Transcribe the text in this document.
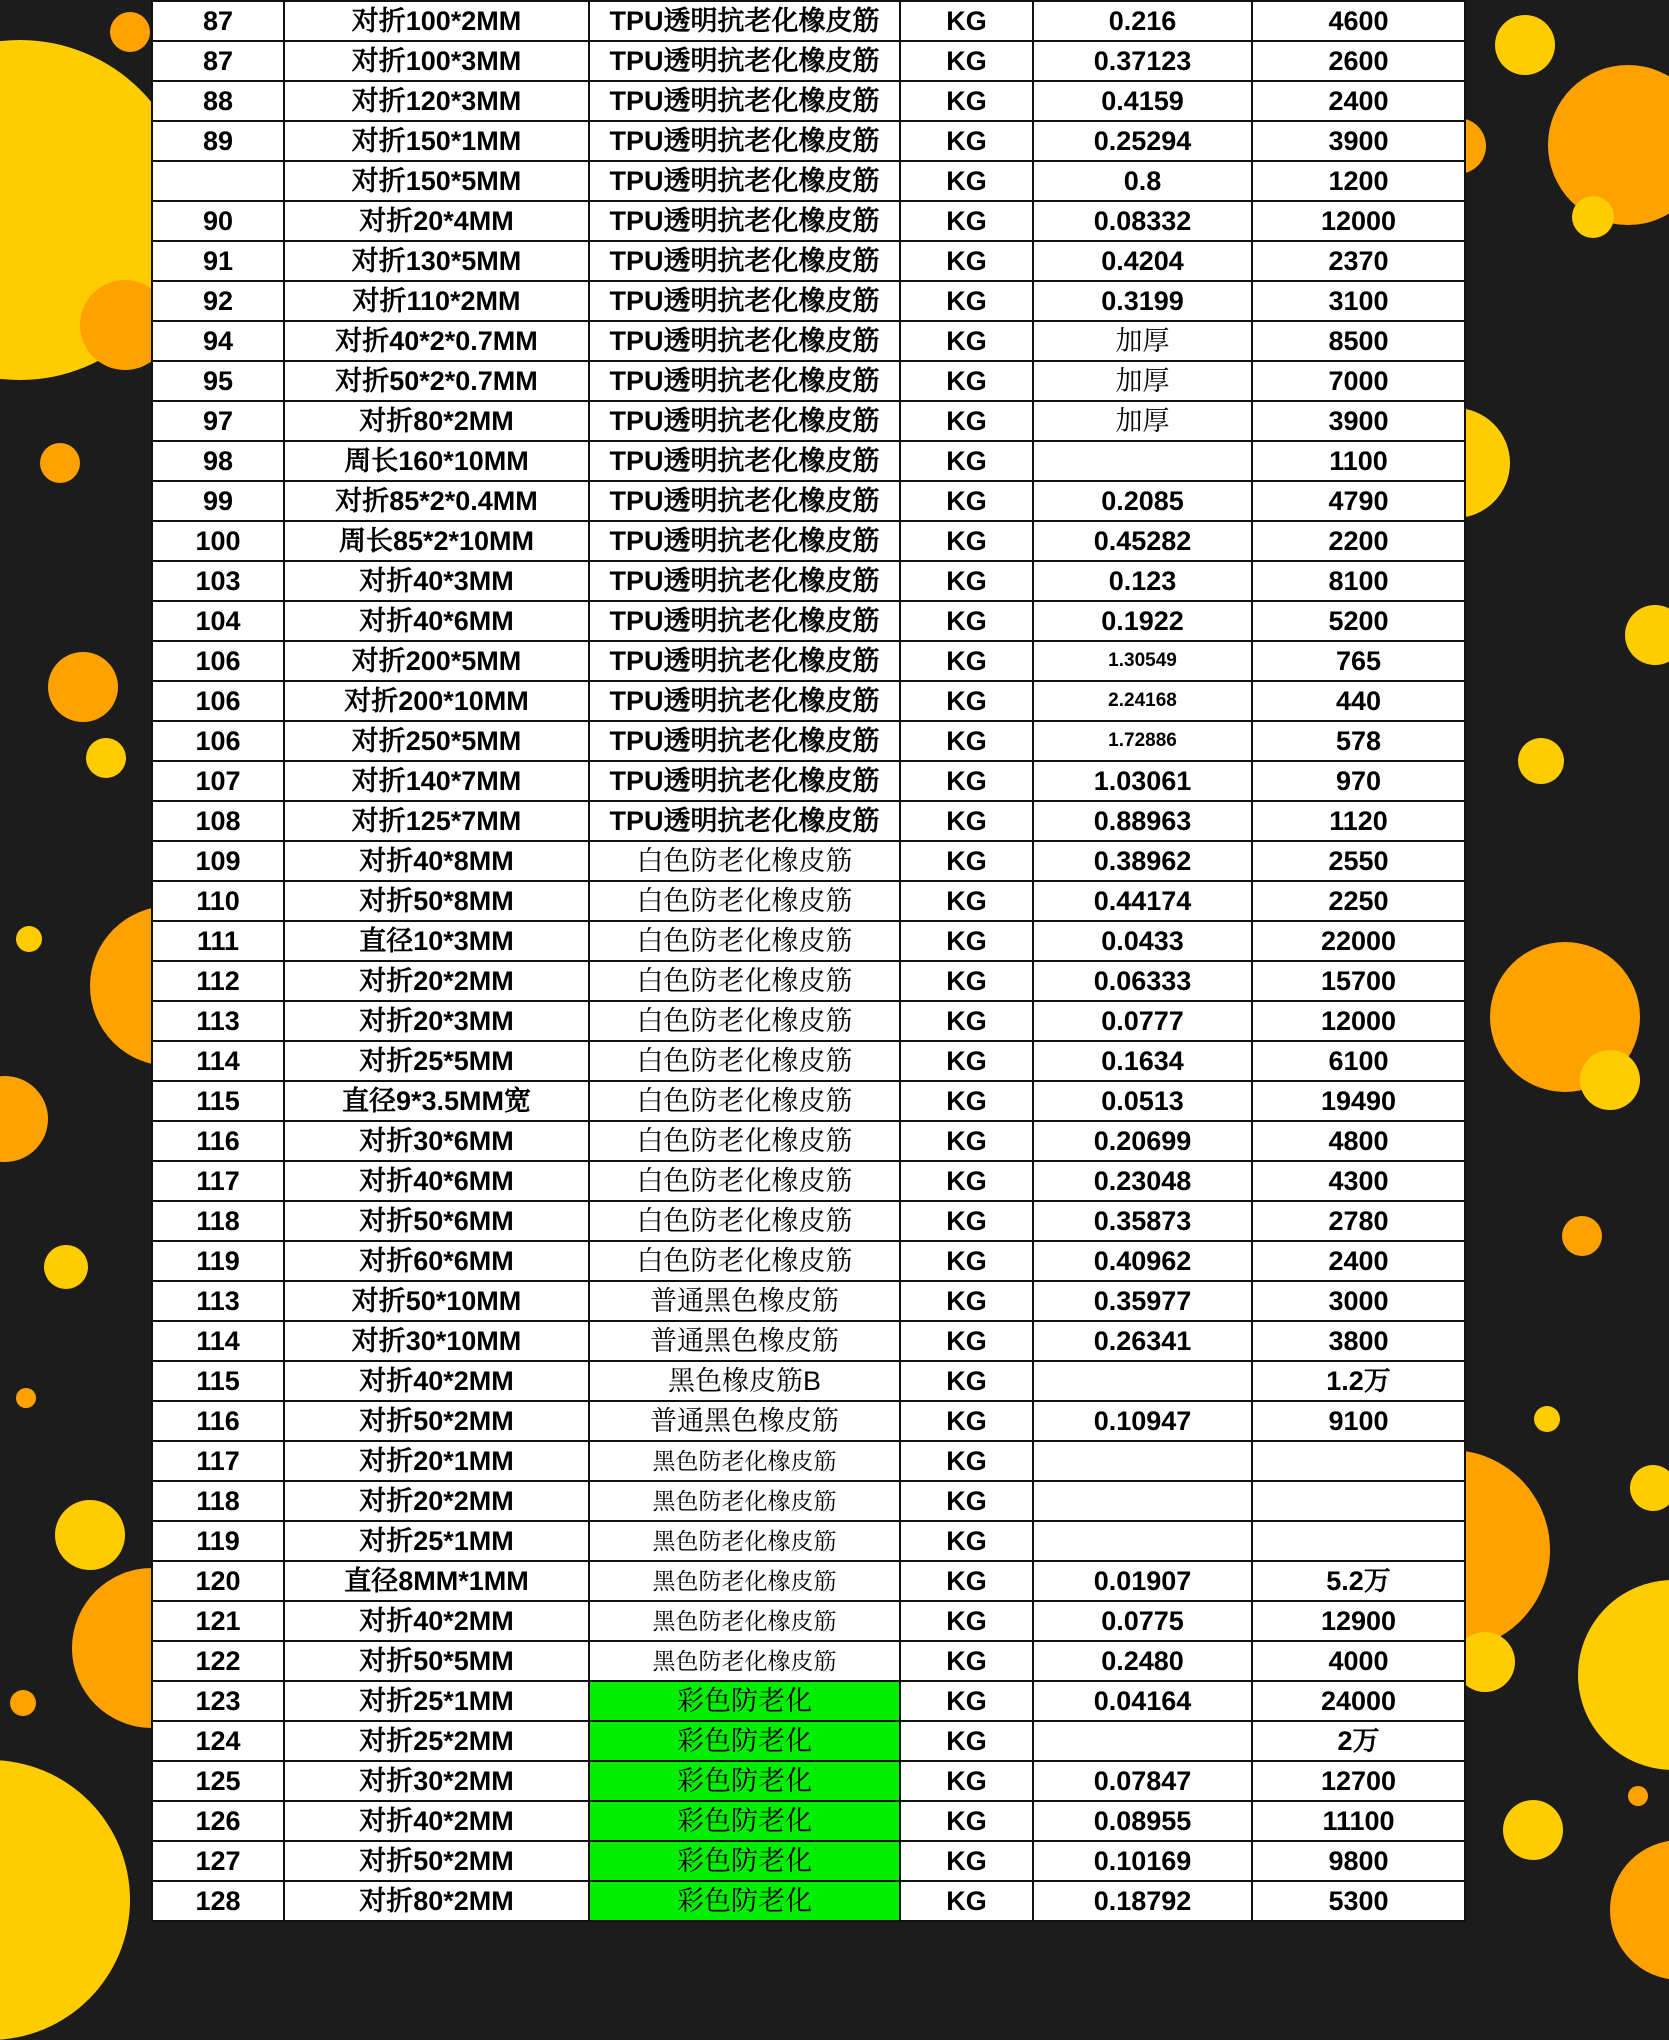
87	对折100*2MM	TPU透明抗老化橡皮筋	KG	0.216	4600
87	对折100*3MM	TPU透明抗老化橡皮筋	KG	0.37123	2600
88	对折120*3MM	TPU透明抗老化橡皮筋	KG	0.4159	2400
89	对折150*1MM	TPU透明抗老化橡皮筋	KG	0.25294	3900
	对折150*5MM	TPU透明抗老化橡皮筋	KG	0.8	1200
90	对折20*4MM	TPU透明抗老化橡皮筋	KG	0.08332	12000
91	对折130*5MM	TPU透明抗老化橡皮筋	KG	0.4204	2370
92	对折110*2MM	TPU透明抗老化橡皮筋	KG	0.3199	3100
94	对折40*2*0.7MM	TPU透明抗老化橡皮筋	KG	加厚	8500
95	对折50*2*0.7MM	TPU透明抗老化橡皮筋	KG	加厚	7000
97	对折80*2MM	TPU透明抗老化橡皮筋	KG	加厚	3900
98	周长160*10MM	TPU透明抗老化橡皮筋	KG		1100
99	对折85*2*0.4MM	TPU透明抗老化橡皮筋	KG	0.2085	4790
100	周长85*2*10MM	TPU透明抗老化橡皮筋	KG	0.45282	2200
103	对折40*3MM	TPU透明抗老化橡皮筋	KG	0.123	8100
104	对折40*6MM	TPU透明抗老化橡皮筋	KG	0.1922	5200
106	对折200*5MM	TPU透明抗老化橡皮筋	KG	1.30549	765
106	对折200*10MM	TPU透明抗老化橡皮筋	KG	2.24168	440
106	对折250*5MM	TPU透明抗老化橡皮筋	KG	1.72886	578
107	对折140*7MM	TPU透明抗老化橡皮筋	KG	1.03061	970
108	对折125*7MM	TPU透明抗老化橡皮筋	KG	0.88963	1120
109	对折40*8MM	白色防老化橡皮筋	KG	0.38962	2550
110	对折50*8MM	白色防老化橡皮筋	KG	0.44174	2250
111	直径10*3MM	白色防老化橡皮筋	KG	0.0433	22000
112	对折20*2MM	白色防老化橡皮筋	KG	0.06333	15700
113	对折20*3MM	白色防老化橡皮筋	KG	0.0777	12000
114	对折25*5MM	白色防老化橡皮筋	KG	0.1634	6100
115	直径9*3.5MM宽	白色防老化橡皮筋	KG	0.0513	19490
116	对折30*6MM	白色防老化橡皮筋	KG	0.20699	4800
117	对折40*6MM	白色防老化橡皮筋	KG	0.23048	4300
118	对折50*6MM	白色防老化橡皮筋	KG	0.35873	2780
119	对折60*6MM	白色防老化橡皮筋	KG	0.40962	2400
113	对折50*10MM	普通黑色橡皮筋	KG	0.35977	3000
114	对折30*10MM	普通黑色橡皮筋	KG	0.26341	3800
115	对折40*2MM	黑色橡皮筋B	KG		1.2万
116	对折50*2MM	普通黑色橡皮筋	KG	0.10947	9100
117	对折20*1MM	黑色防老化橡皮筋	KG		
118	对折20*2MM	黑色防老化橡皮筋	KG		
119	对折25*1MM	黑色防老化橡皮筋	KG		
120	直径8MM*1MM	黑色防老化橡皮筋	KG	0.01907	5.2万
121	对折40*2MM	黑色防老化橡皮筋	KG	0.0775	12900
122	对折50*5MM	黑色防老化橡皮筋	KG	0.2480	4000
123	对折25*1MM	彩色防老化	KG	0.04164	24000
124	对折25*2MM	彩色防老化	KG		2万
125	对折30*2MM	彩色防老化	KG	0.07847	12700
126	对折40*2MM	彩色防老化	KG	0.08955	11100
127	对折50*2MM	彩色防老化	KG	0.10169	9800
128	对折80*2MM	彩色防老化	KG	0.18792	5300
